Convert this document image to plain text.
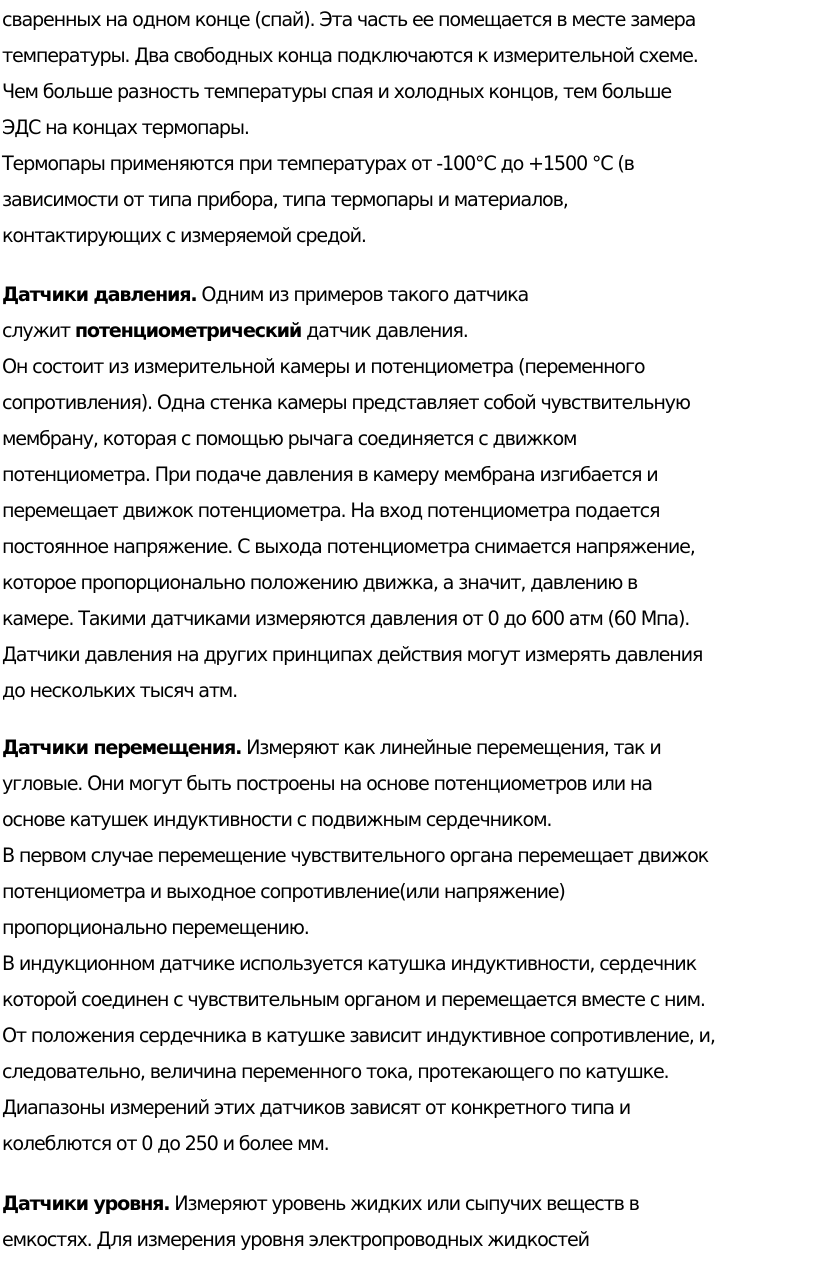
сваренных на одном конце (спай). Эта часть ее помещается в месте замера
температуры. Два свободных конца подключаются к измерительной схеме.
Чем больше разность температуры спая и холодных концов, тем больше
ЭДС на концах термопары.
Термопары применяются при температурах от -100°C до +1500 °C (в
зависимости от типа прибора, типа термопары и материалов,
контактирующих с измеряемой средой.
Датчики давления. Одним из примеров такого датчика
служит потенциометрический датчик давления.
Он состоит из измерительной камеры и потенциометра (переменного
сопротивления). Одна стенка камеры представляет собой чувствительную
мембрану, которая с помощью рычага соединяется с движком
потенциометра. При подаче давления в камеру мембрана изгибается и
перемещает движок потенциометра. На вход потенциометра подается
постоянное напряжение. С выхода потенциометра снимается напряжение,
которое пропорционально положению движка, а значит, давлению в
камере. Такими датчиками измеряются давления от 0 до 600 атм (60 Мпа).
Датчики давления на других принципах действия могут измерять давления
до нескольких тысяч атм.
Датчики перемещения. Измеряют как линейные перемещения, так и
угловые. Они могут быть построены на основе потенциометров или на
основе катушек индуктивности с подвижным сердечником.
В первом случае перемещение чувствительного органа перемещает движок
потенциометра и выходное сопротивление(или напряжение)
пропорционально перемещению.
В индукционном датчике используется катушка индуктивности, сердечник
которой соединен с чувствительным органом и перемещается вместе с ним.
От положения сердечника в катушке зависит индуктивное сопротивление, и,
следовательно, величина переменного тока, протекающего по катушке.
Диапазоны измерений этих датчиков зависят от конкретного типа и
колеблются от 0 до 250 и более мм.
Датчики уровня. Измеряют уровень жидких или сыпучих веществ в
емкостях. Для измерения уровня электропроводных жидкостей
